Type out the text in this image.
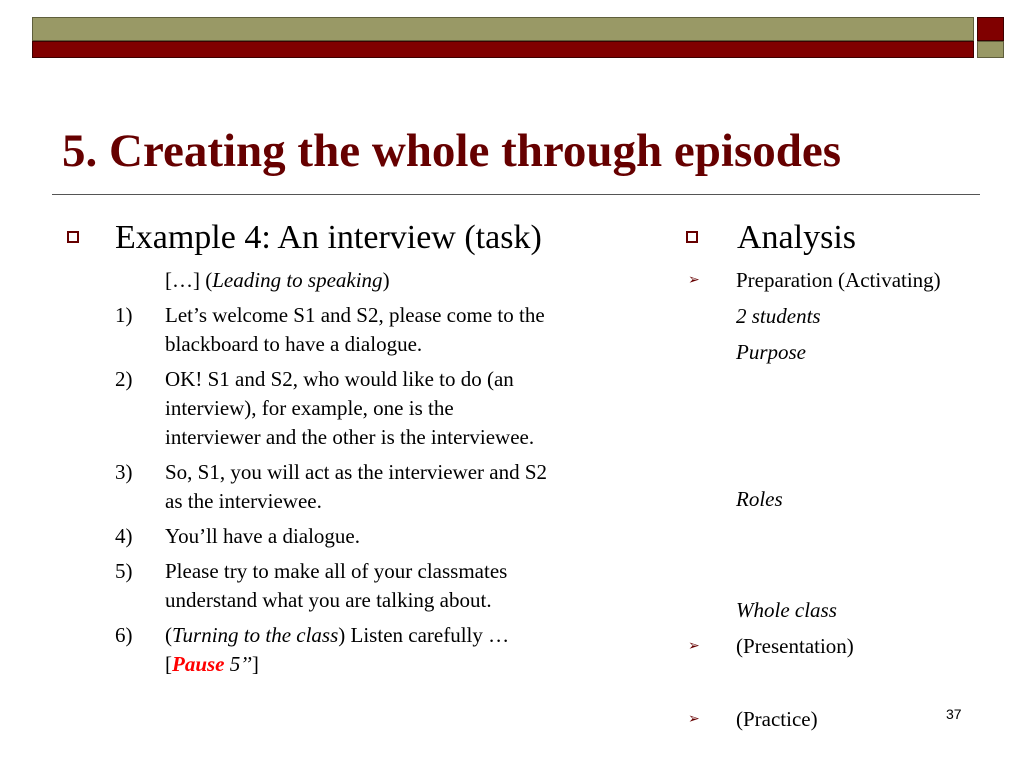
5. Creating the whole through episodes
Example 4: An interview (task)
[…] (Leading to speaking)
1) Let’s welcome S1 and S2, please come to the
blackboard to have a dialogue.
2) OK! S1 and S2, who would like to do (an
interview), for example, one is the
interviewer and the other is the interviewee.
3) So, S1, you will act as the interviewer and S2
as the interviewee.
4) You’ll have a dialogue.
5) Please try to make all of your classmates
understand what you are talking about.
6) (Turning to the class) Listen carefully …
[Pause 5’’]
Analysis
➢ Preparation (Activating)
2 students
Purpose
Roles
Whole class
➢ (Presentation)
➢ (Practice)	37
